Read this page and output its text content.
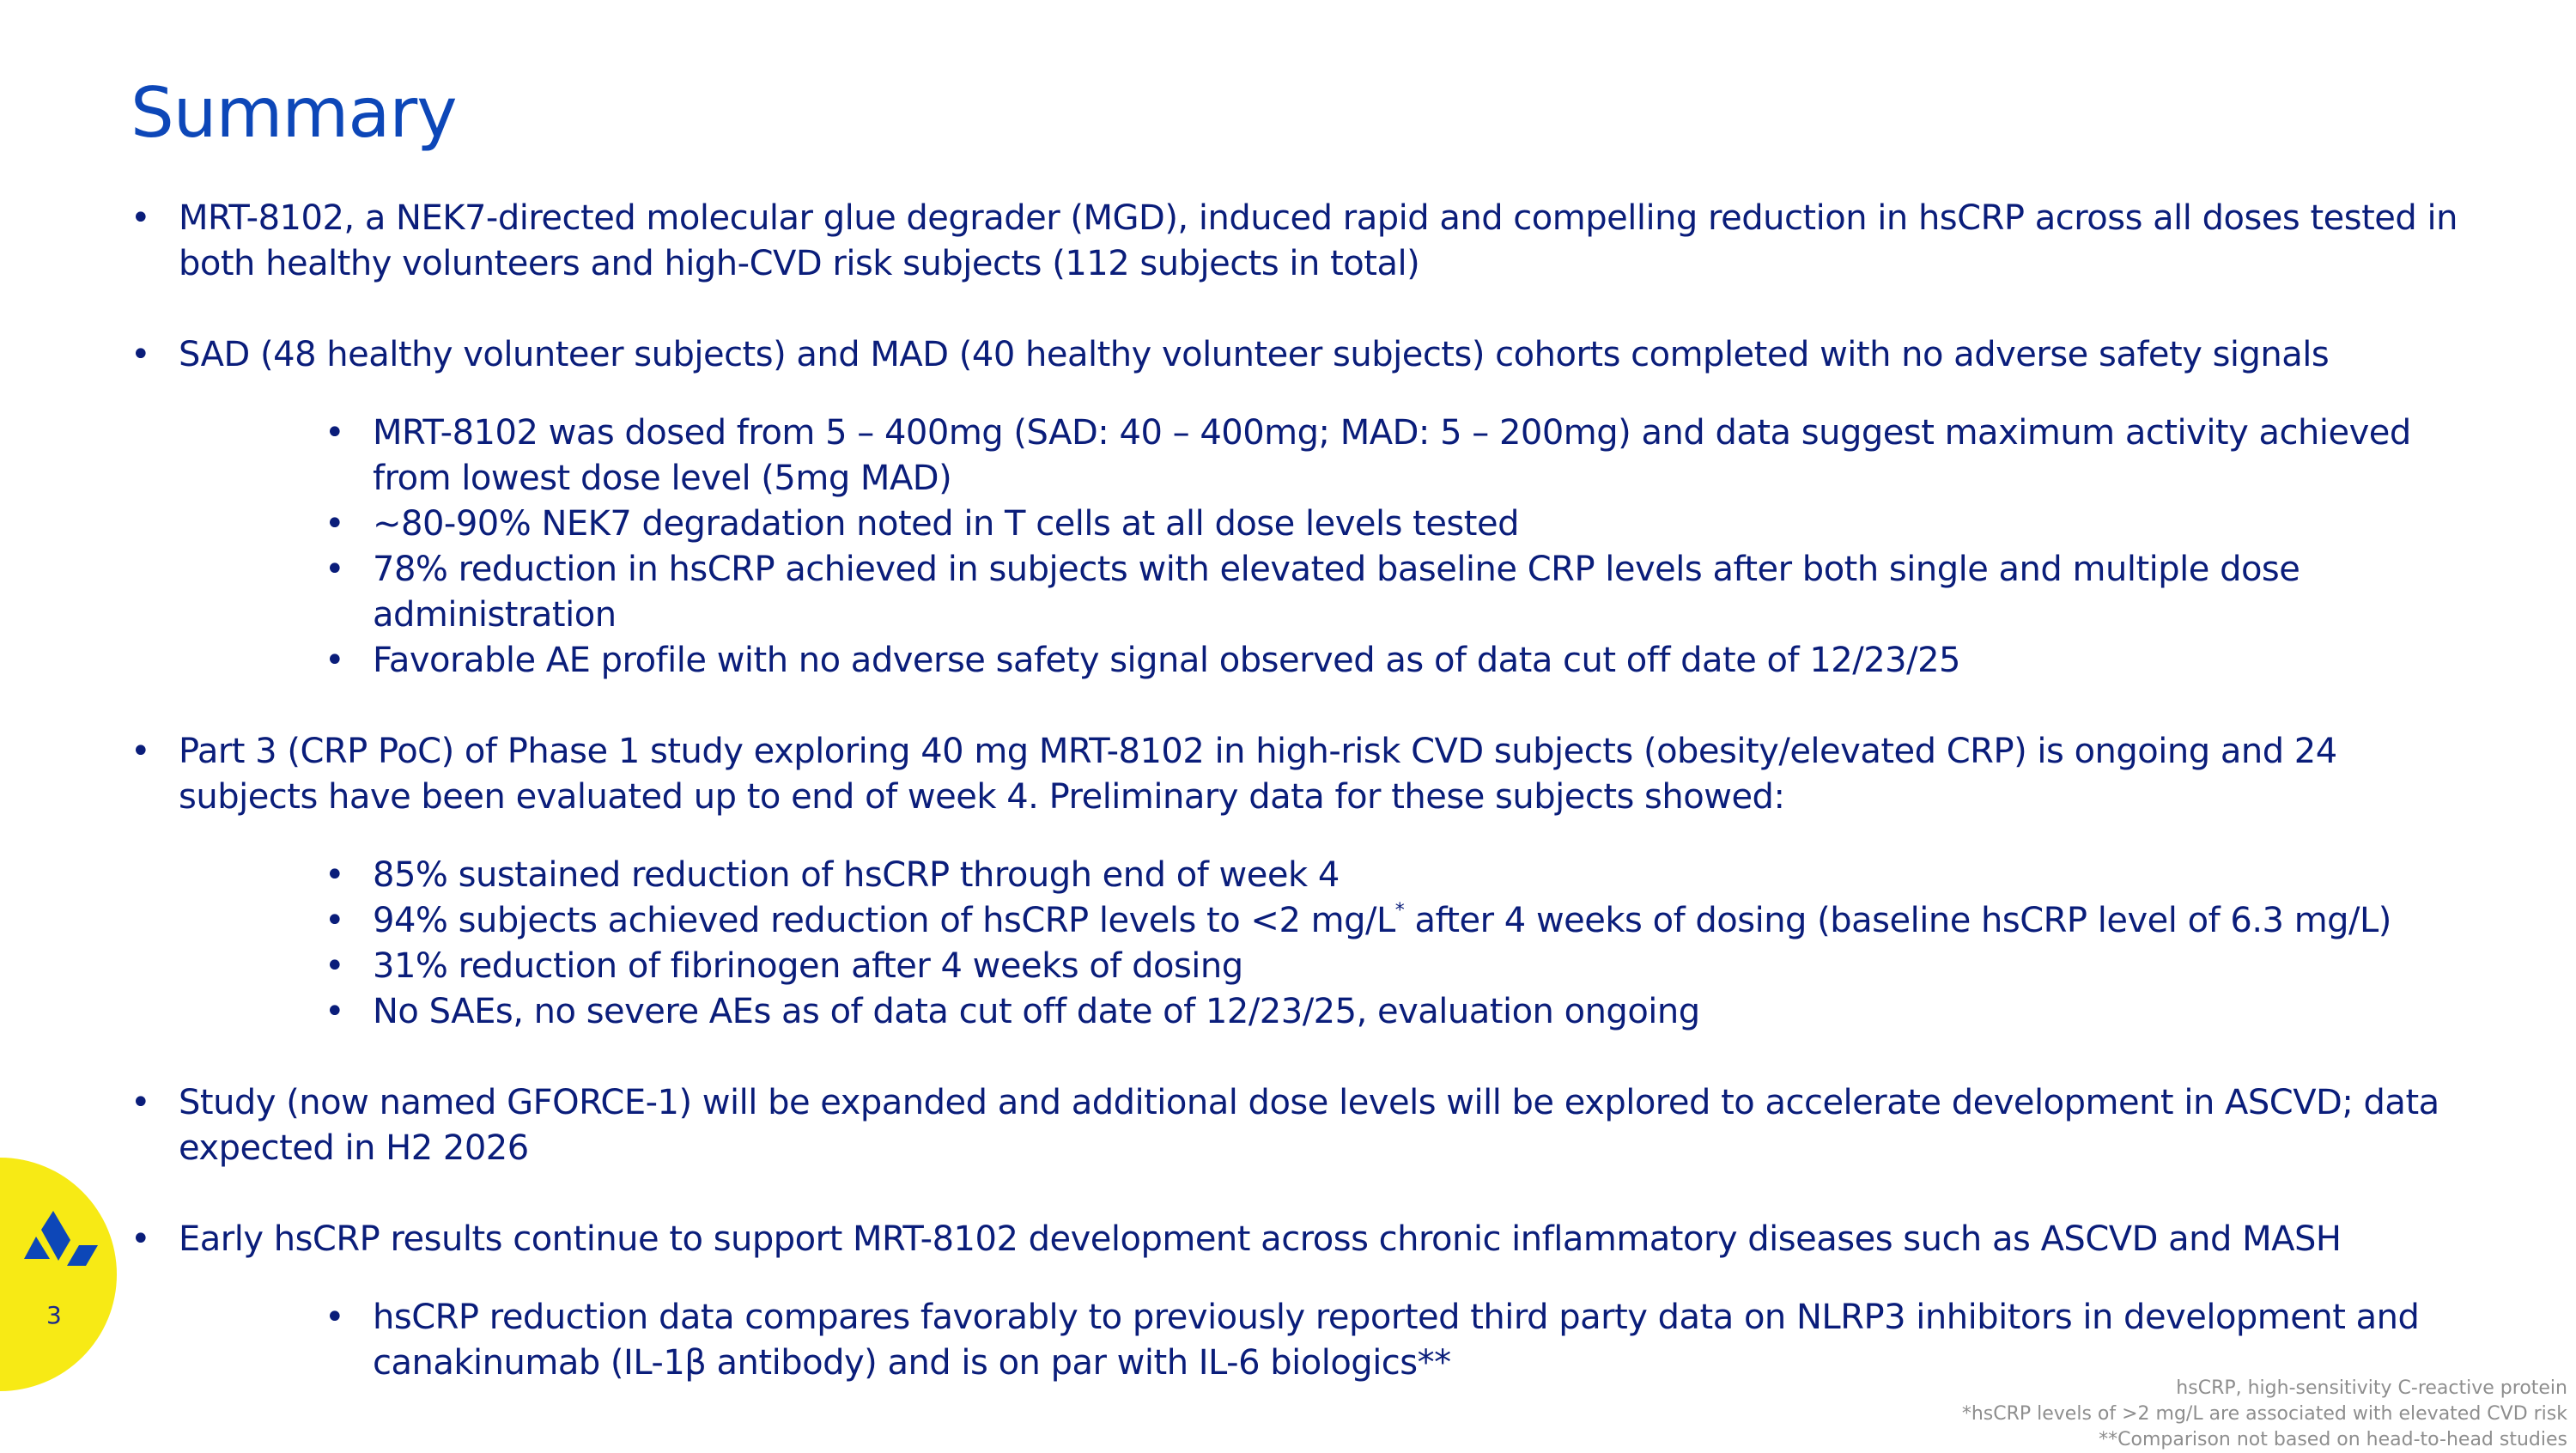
Summary
• MRT-8102, a NEK7-directed molecular glue degrader (MGD), induced rapid and compelling reduction in hsCRP across all doses tested in
both healthy volunteers and high-CVD risk subjects (112 subjects in total)
• SAD (48 healthy volunteer subjects) and MAD (40 healthy volunteer subjects) cohorts completed with no adverse safety signals
• MRT-8102 was dosed from 5 – 400mg (SAD: 40 – 400mg; MAD: 5 – 200mg) and data suggest maximum activity achieved
from lowest dose level (5mg MAD)
• ~80-90% NEK7 degradation noted in T cells at all dose levels tested
• 78% reduction in hsCRP achieved in subjects with elevated baseline CRP levels after both single and multiple dose
administration
• Favorable AE profile with no adverse safety signal observed as of data cut off date of 12/23/25
• Part 3 (CRP PoC) of Phase 1 study exploring 40 mg MRT-8102 in high-risk CVD subjects (obesity/elevated CRP) is ongoing and 24
subjects have been evaluated up to end of week 4. Preliminary data for these subjects showed:
• 85% sustained reduction of hsCRP through end of week 4
• 94% subjects achieved reduction of hsCRP levels to <2 mg/L* after 4 weeks of dosing (baseline hsCRP level of 6.3 mg/L)
• 31% reduction of fibrinogen after 4 weeks of dosing
• No SAEs, no severe AEs as of data cut off date of 12/23/25, evaluation ongoing
• Study (now named GFORCE-1) will be expanded and additional dose levels will be explored to accelerate development in ASCVD; data
expected in H2 2026
• Early hsCRP results continue to support MRT-8102 development across chronic inflammatory diseases such as ASCVD and MASH
• hsCRP reduction data compares favorably to previously reported third party data on NLRP3 inhibitors in development and
canakinumab (IL-1β antibody) and is on par with IL-6 biologics**
3
hsCRP, high-sensitivity C-reactive protein
*hsCRP levels of >2 mg/L are associated with elevated CVD risk
**Comparison not based on head-to-head studies
